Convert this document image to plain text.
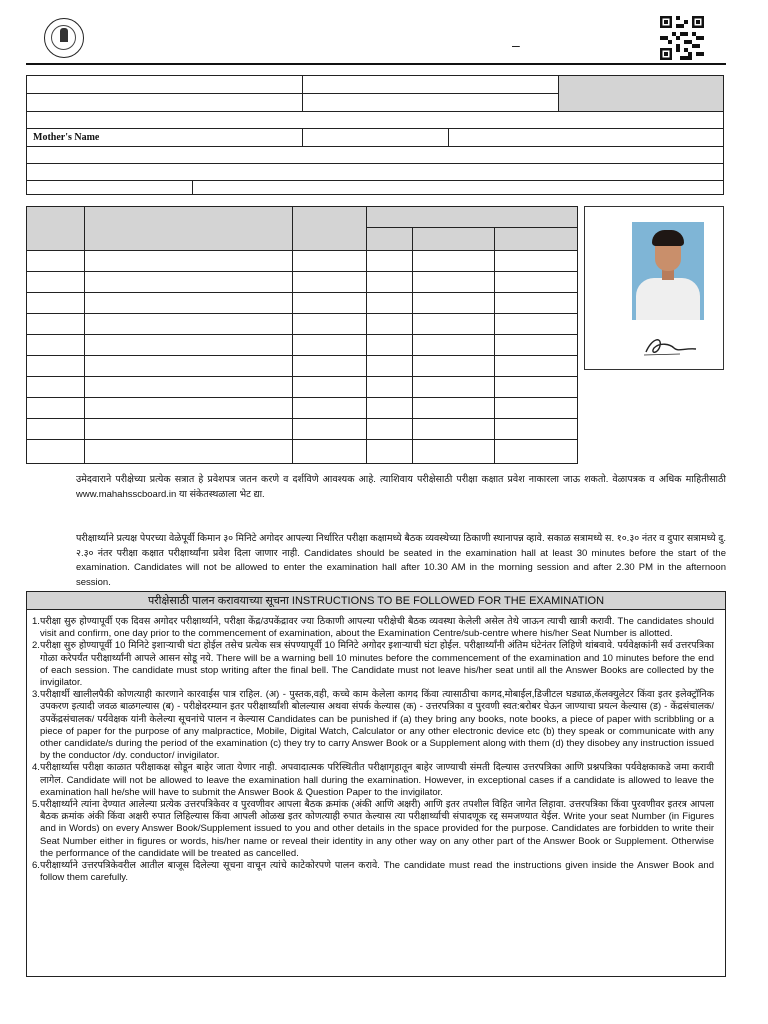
–
Mother's Name
उमेदवाराने परीक्षेच्या प्रत्येक सत्रात हे प्रवेशपत्र जतन करणे व दर्शविणे आवश्यक आहे. त्याशिवाय परीक्षेसाठी परीक्षा कक्षात प्रवेश नाकारला जाऊ शकतो. वेळापत्रक व अधिक माहितीसाठी www.mahahsscboard.in या संकेतस्थळाला भेट द्या.
परीक्षार्थ्याने प्रत्यक्ष पेपरच्या वेळेपूर्वी किमान ३० मिनिटे अगोदर आपल्या निर्धारित परीक्षा कक्षामध्ये बैठक व्यवस्थेच्या ठिकाणी स्थानापन्न व्हावे. सकाळ सत्रामध्ये स. १०.३० नंतर व दुपार सत्रामध्ये दु. २.३० नंतर परीक्षा कक्षात परीक्षार्थ्यांना प्रवेश दिला जाणार नाही. Candidates should be seated in the examination hall at least 30 minutes before the start of the examination. Candidates will not be allowed to enter the examination hall after 10.30 AM in the morning session and after 2.30 PM in the afternoon session.
परीक्षेसाठी पालन करावयाच्या सूचना INSTRUCTIONS TO BE FOLLOWED FOR THE EXAMINATION
1. परीक्षा सुरु होण्यापूर्वी एक दिवस अगोदर परीक्षार्थ्याने, परीक्षा केंद्र/उपकेंद्रावर ज्या ठिकाणी आपल्या परीक्षेची बैठक व्यवस्था केलेली असेल तेथे जाऊन त्याची खात्री करावी. The candidates should visit and confirm, one day prior to the commencement of examination, about the Examination Centre/sub-centre where his/her Seat Number is allotted.
2. परीक्षा सुरु होण्यापूर्वी 10 मिनिटे इशाऱ्याची घंटा होईल तसेच प्रत्येक सत्र संपण्यापूर्वी 10 मिनिटे अगोदर इशाऱ्याची घंटा होईल. परीक्षार्थ्यांनी अंतिम घंटेनंतर लिहिणे थांबवावे. पर्यवेक्षकांनी सर्व उत्तरपत्रिका गोळा करेपर्यंत परीक्षार्थ्यांनी आपले आसन सोडू नये. There will be a warning bell 10 minutes before the commencement of the examination and 10 minutes before the end of each session. The candidate must stop writing after the final bell. The Candidate must not leave his/her seat until all the Answer Books are collected by the invigilator.
3. परीक्षार्थी खालीलपैकी कोणत्याही कारणाने कारवाईस पात्र राहिल. (अ) - पुस्तक,वही, कच्चे काम केलेला कागद किंवा त्यासाठीचा कागद,मोबाईल,डिजीटल घड्याळ,कॅलक्युलेटर किंवा इतर इलेक्ट्रॉनिक उपकरण इत्यादी जवळ बाळगल्यास (ब) - परीक्षेदरम्यान इतर परीक्षार्थ्यांशी बोलल्यास अथवा संपर्क केल्यास (क) - उत्तरपत्रिका व पुरवणी स्वत:बरोबर घेऊन जाण्याचा प्रयत्न केल्यास (ड) - केंद्रसंचालक/उपकेंद्रसंचालक/ पर्यवेक्षक यांनी केलेल्या सूचनांचे पालन न केल्यास Candidates can be punished if (a) they bring any books, note books, a piece of paper with scribbling or a piece of paper for the purpose of any malpractice, Mobile, Digital Watch, Calculator or any other electronic device etc (b) they speak or communicate with any other candidate/s during the period of the examination (c) they try to carry Answer Book or a Supplement along with them (d) they disobey any instruction issued by the conductor /dy. conductor/ invigilator.
4. परीक्षार्थ्यास परीक्षा काळात परीक्षाकक्ष सोडून बाहेर जाता येणार नाही. अपवादात्मक परिस्थितीत परीक्षागृहातून बाहेर जाण्याची संमती दिल्यास उत्तरपत्रिका आणि प्रश्नपत्रिका पर्यवेक्षकाकडे जमा करावी लागेल. Candidate will not be allowed to leave the examination hall during the examination. However, in exceptional cases if a candidate is allowed to leave the examination hall he/she will have to submit the Answer Book & Question Paper to the invigilator.
5. परीक्षार्थ्याने त्यांना देण्यात आलेल्या प्रत्येक उत्तरपत्रिकेवर व पुरवणीवर आपला बैठक क्रमांक (अंकी आणि अक्षरी) आणि इतर तपशील विहित जागेत लिहावा. उत्तरपत्रिका किंवा पुरवणीवर इतरत्र आपला बैठक क्रमांक अंकी किंवा अक्षरी रुपात लिहिल्यास किंवा आपली ओळख इतर कोणत्याही रुपात केल्यास त्या परीक्षार्थ्याची संपादणूक रद्द समजण्यात येईल. Write your seat Number (in Figures and in Words) on every Answer Book/Supplement issued to you and other details in the space provided for the purpose. Candidates are forbidden to write their Seat Number either in figures or words, his/her name or reveal their identity in any other way on any other part of the Answer Book or Supplement. Otherwise the performance of the candidate will be treated as cancelled.
6. परीक्षार्थ्याने उत्तरपत्रिकेवरील आतील बाजूस दिलेल्या सूचना वाचून त्यांचे काटेकोरपणे पालन करावे. The candidate must read the instructions given inside the Answer Book and follow them carefully.
